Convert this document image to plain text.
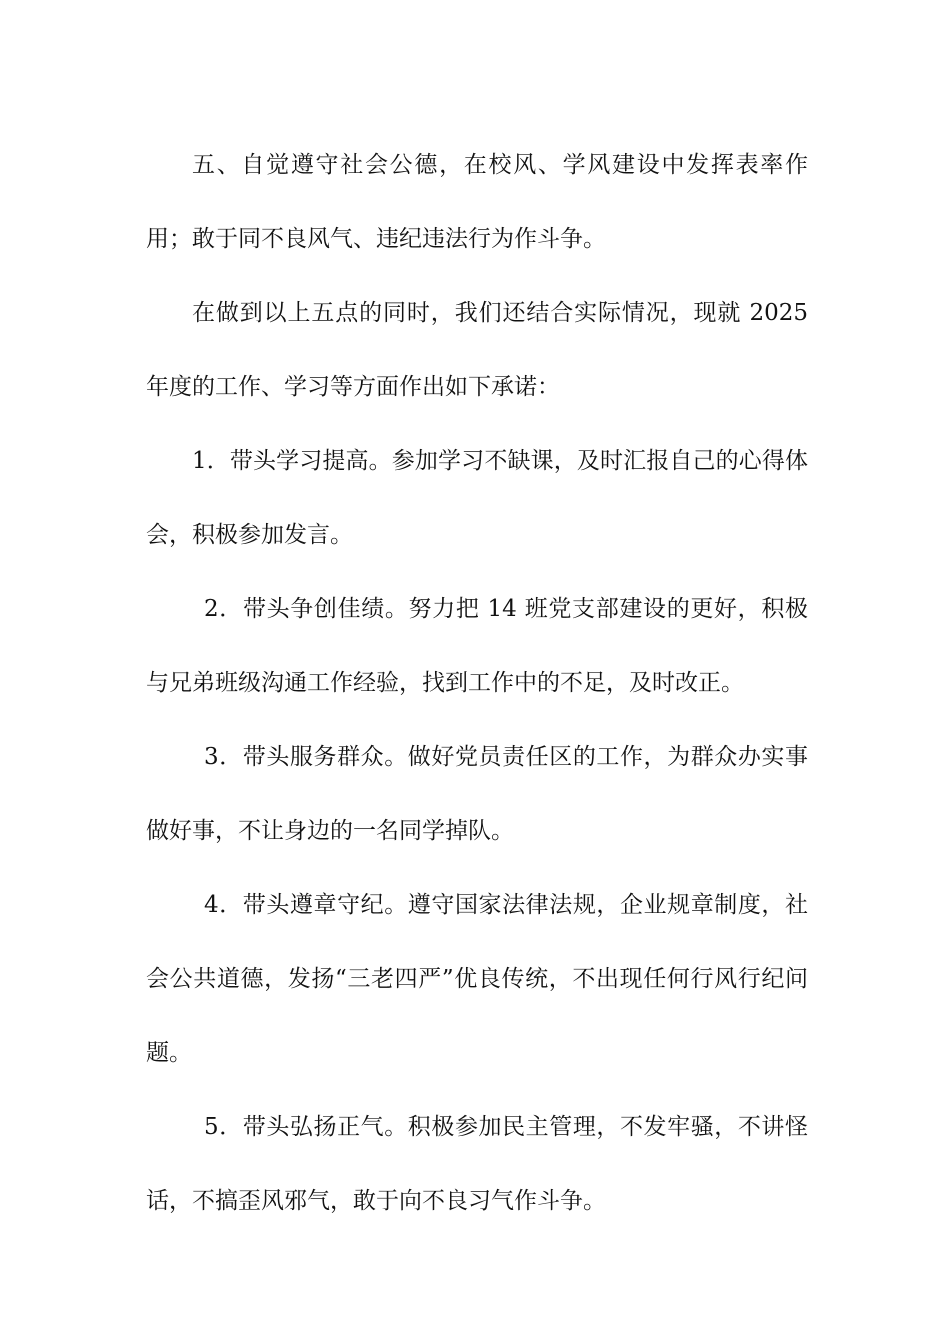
五、自觉遵守社会公德，在校风、学风建设中发挥表率作用；敢于同不良风气、违纪违法行为作斗争。

在做到以上五点的同时，我们还结合实际情况，现就 2025 年度的工作、学习等方面作出如下承诺：

1．带头学习提高。参加学习不缺课，及时汇报自己的心得体会，积极参加发言。

2．带头争创佳绩。努力把 14 班党支部建设的更好，积极与兄弟班级沟通工作经验，找到工作中的不足，及时改正。

3．带头服务群众。做好党员责任区的工作，为群众办实事做好事，不让身边的一名同学掉队。

4．带头遵章守纪。遵守国家法律法规，企业规章制度，社会公共道德，发扬“三老四严”优良传统，不出现任何行风行纪问题。

5．带头弘扬正气。积极参加民主管理，不发牢骚，不讲怪话，不搞歪风邪气，敢于向不良习气作斗争。
